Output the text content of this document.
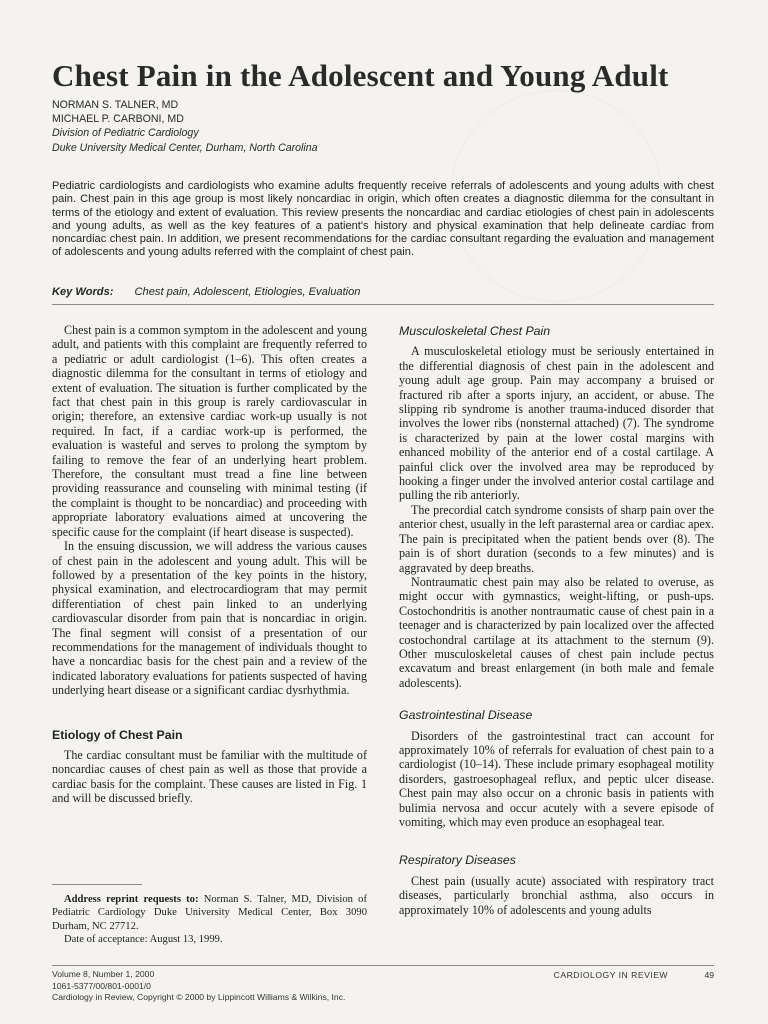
Chest Pain in the Adolescent and Young Adult
NORMAN S. TALNER, MD
MICHAEL P. CARBONI, MD
Division of Pediatric Cardiology
Duke University Medical Center, Durham, North Carolina
Pediatric cardiologists and cardiologists who examine adults frequently receive referrals of adolescents and young adults with chest pain. Chest pain in this age group is most likely noncardiac in origin, which often creates a diagnostic dilemma for the consultant in terms of the etiology and extent of evaluation. This review presents the noncardiac and cardiac etiologies of chest pain in adolescents and young adults, as well as the key features of a patient's history and physical examination that help delineate cardiac from noncardiac chest pain. In addition, we present recommendations for the cardiac consultant regarding the evaluation and management of adolescents and young adults referred with the complaint of chest pain.
Key Words: Chest pain, Adolescent, Etiologies, Evaluation

Chest pain is a common symptom in the adolescent and young adult, and patients with this complaint are frequently referred to a pediatric or adult cardiologist (1–6). This often creates a diagnostic dilemma for the consultant in terms of etiology and extent of evaluation. The situation is further complicated by the fact that chest pain in this group is rarely cardiovascular in origin; therefore, an extensive cardiac work-up usually is not required. In fact, if a cardiac work-up is performed, the evaluation is wasteful and serves to prolong the symptom by failing to remove the fear of an underlying heart problem. Therefore, the consultant must tread a fine line between providing reassurance and counseling with minimal testing (if the complaint is thought to be noncardiac) and proceeding with appropriate laboratory evaluations aimed at uncovering the specific cause for the complaint (if heart disease is suspected).

In the ensuing discussion, we will address the various causes of chest pain in the adolescent and young adult. This will be followed by a presentation of the key points in the history, physical examination, and electrocardiogram that may permit differentiation of chest pain linked to an underlying cardiovascular disorder from pain that is noncardiac in origin. The final segment will consist of a presentation of our recommendations for the management of individuals thought to have a noncardiac basis for the chest pain and a review of the indicated laboratory evaluations for patients suspected of having underlying heart disease or a significant cardiac dysrhythmia.

Etiology of Chest Pain

The cardiac consultant must be familiar with the multitude of noncardiac causes of chest pain as well as those that provide a cardiac basis for the complaint. These causes are listed in Fig. 1 and will be discussed briefly.

Address reprint requests to: Norman S. Talner, MD, Division of Pediatric Cardiology Duke University Medical Center, Box 3090 Durham, NC 27712.

Date of acceptance: August 13, 1999.

Musculoskeletal Chest Pain

A musculoskeletal etiology must be seriously entertained in the differential diagnosis of chest pain in the adolescent and young adult age group. Pain may accompany a bruised or fractured rib after a sports injury, an accident, or abuse. The slipping rib syndrome is another trauma-induced disorder that involves the lower ribs (nonsternal attached) (7). The syndrome is characterized by pain at the lower costal margins with enhanced mobility of the anterior end of a costal cartilage. A painful click over the involved area may be reproduced by hooking a finger under the involved anterior costal cartilage and pulling the rib anteriorly.

The precordial catch syndrome consists of sharp pain over the anterior chest, usually in the left parasternal area or cardiac apex. The pain is precipitated when the patient bends over (8). The pain is of short duration (seconds to a few minutes) and is aggravated by deep breaths.

Nontraumatic chest pain may also be related to overuse, as might occur with gymnastics, weight-lifting, or push-ups. Costochondritis is another nontraumatic cause of chest pain in a teenager and is characterized by pain localized over the affected costochondral cartilage at its attachment to the sternum (9). Other musculoskeletal causes of chest pain include pectus excavatum and breast enlargement (in both male and female adolescents).

Gastrointestinal Disease

Disorders of the gastrointestinal tract can account for approximately 10% of referrals for evaluation of chest pain to a cardiologist (10–14). These include primary esophageal motility disorders, gastroesophageal reflux, and peptic ulcer disease. Chest pain may also occur on a chronic basis in patients with bulimia nervosa and occur acutely with a severe episode of vomiting, which may even produce an esophageal tear.

Respiratory Diseases

Chest pain (usually acute) associated with respiratory tract diseases, particularly bronchial asthma, also occurs in approximately 10% of adolescents and young adults

Volume 8, Number 1, 2000
1061-5377/00/801-0001/0
Cardiology in Review, Copyright © 2000 by Lippincott Williams & Wilkins, Inc.
CARDIOLOGY IN REVIEW	49
